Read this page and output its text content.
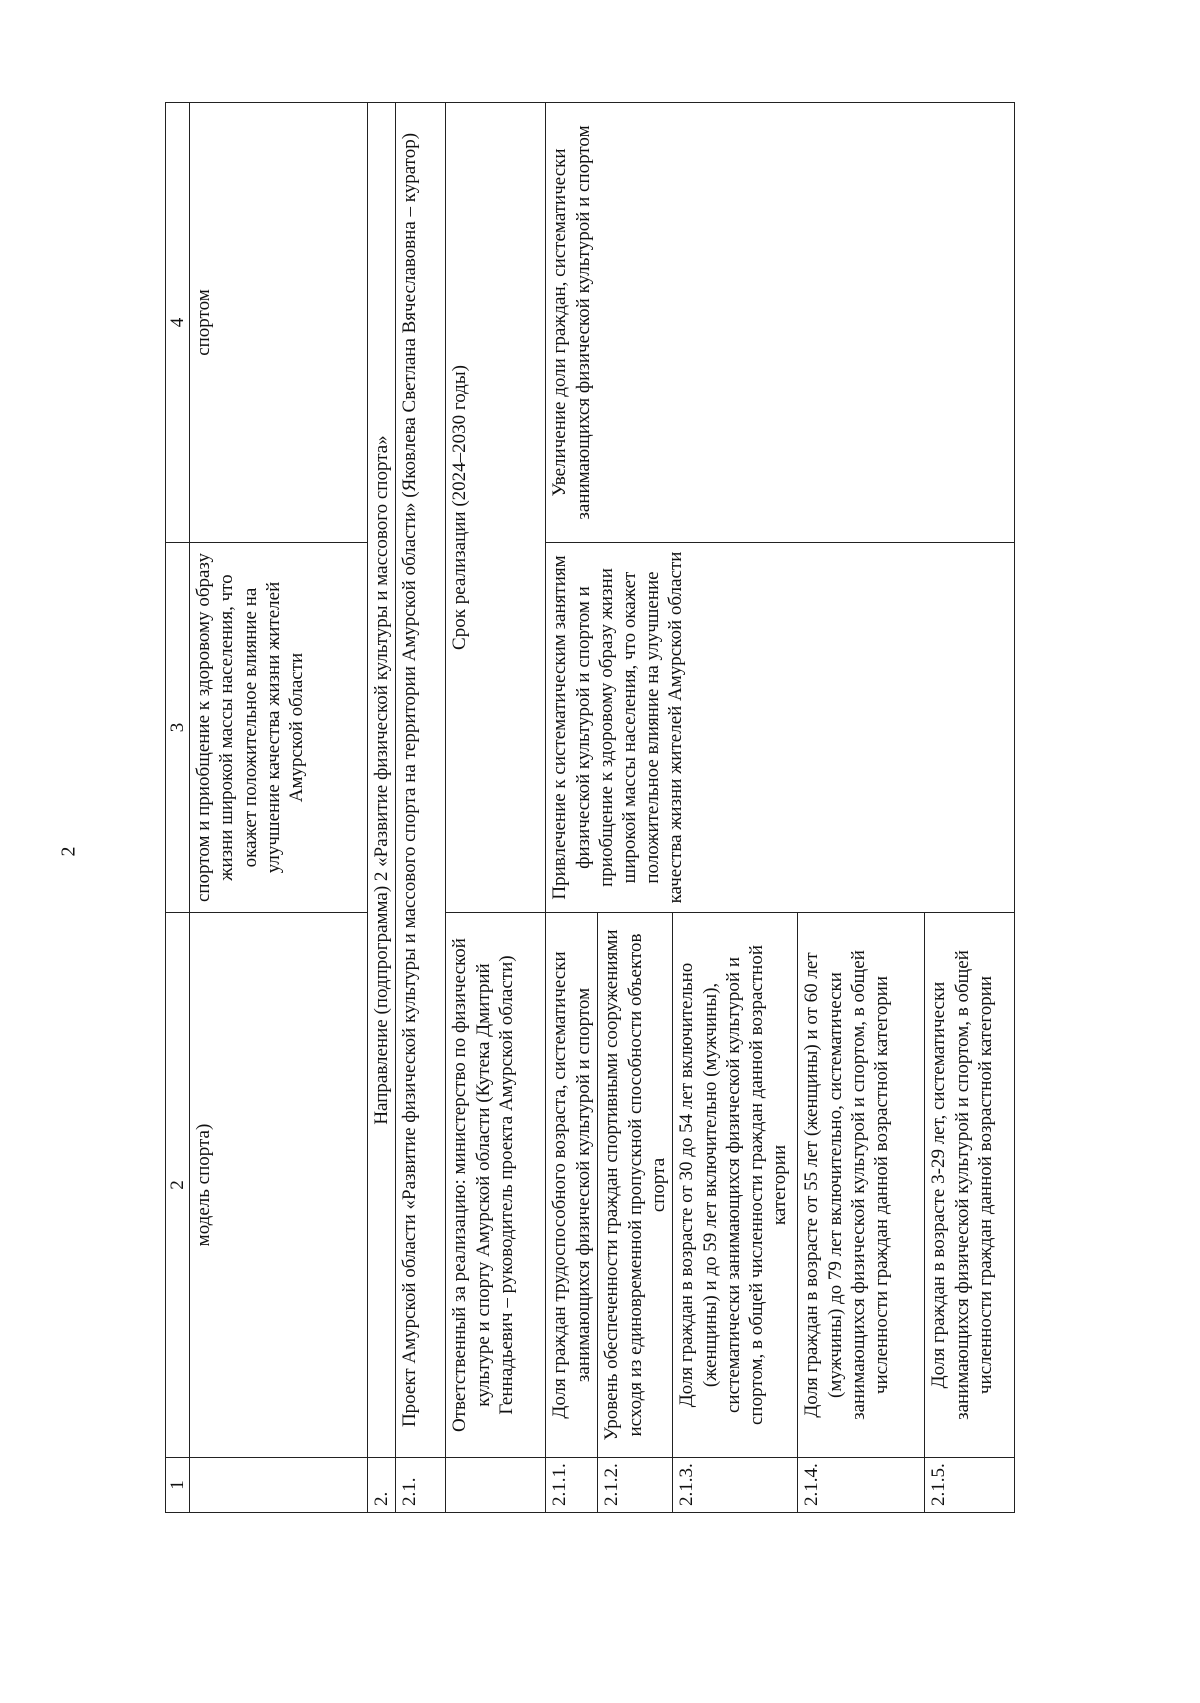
2
1	2	3	4
	модель спорта)	спортом и приобщение к здоровому образу жизни широкой массы населения, что окажет положительное влияние на улучшение качества жизни жителей Амурской области	спортом
2.	Направление (подпрограмма) 2 «Развитие физической культуры и массового спорта»		
2.1.	Проект Амурской области «Развитие физической культуры и массового спорта на территории Амурской области» (Яковлева Светлана Вячеславовна – куратор)		
	Ответственный за реализацию: министерство по физической культуре и спорту Амурской области (Кутека Дмитрий Геннадьевич – руководитель проекта Амурской области)	Срок реализации (2024–2030 годы)	
2.1.1.	Доля граждан трудоспособного возраста, систематически занимающихся физической культурой и спортом	Привлечение к систематическим занятиям физической культурой и спортом и приобщение к здоровому образу жизни широкой массы населения, что окажет положительное влияние на улучшение качества жизни жителей Амурской области	Увеличение доли граждан, систематически занимающихся физической культурой и спортом
2.1.2.	Уровень обеспеченности граждан спортивными сооружениями исходя из единовременной пропускной способности объектов спорта		
2.1.3.	Доля граждан в возрасте от 30 до 54 лет включительно (женщины) и до 59 лет включительно (мужчины), систематически занимающихся физической культурой и спортом, в общей численности граждан данной возрастной категории		
2.1.4.	Доля граждан в возрасте от 55 лет (женщины) и от 60 лет (мужчины) до 79 лет включительно, систематически занимающихся физической культурой и спортом, в общей численности граждан данной возрастной категории		
2.1.5.	Доля граждан в возрасте 3-29 лет, систематически занимающихся физической культурой и спортом, в общей численности граждан данной возрастной категории		
